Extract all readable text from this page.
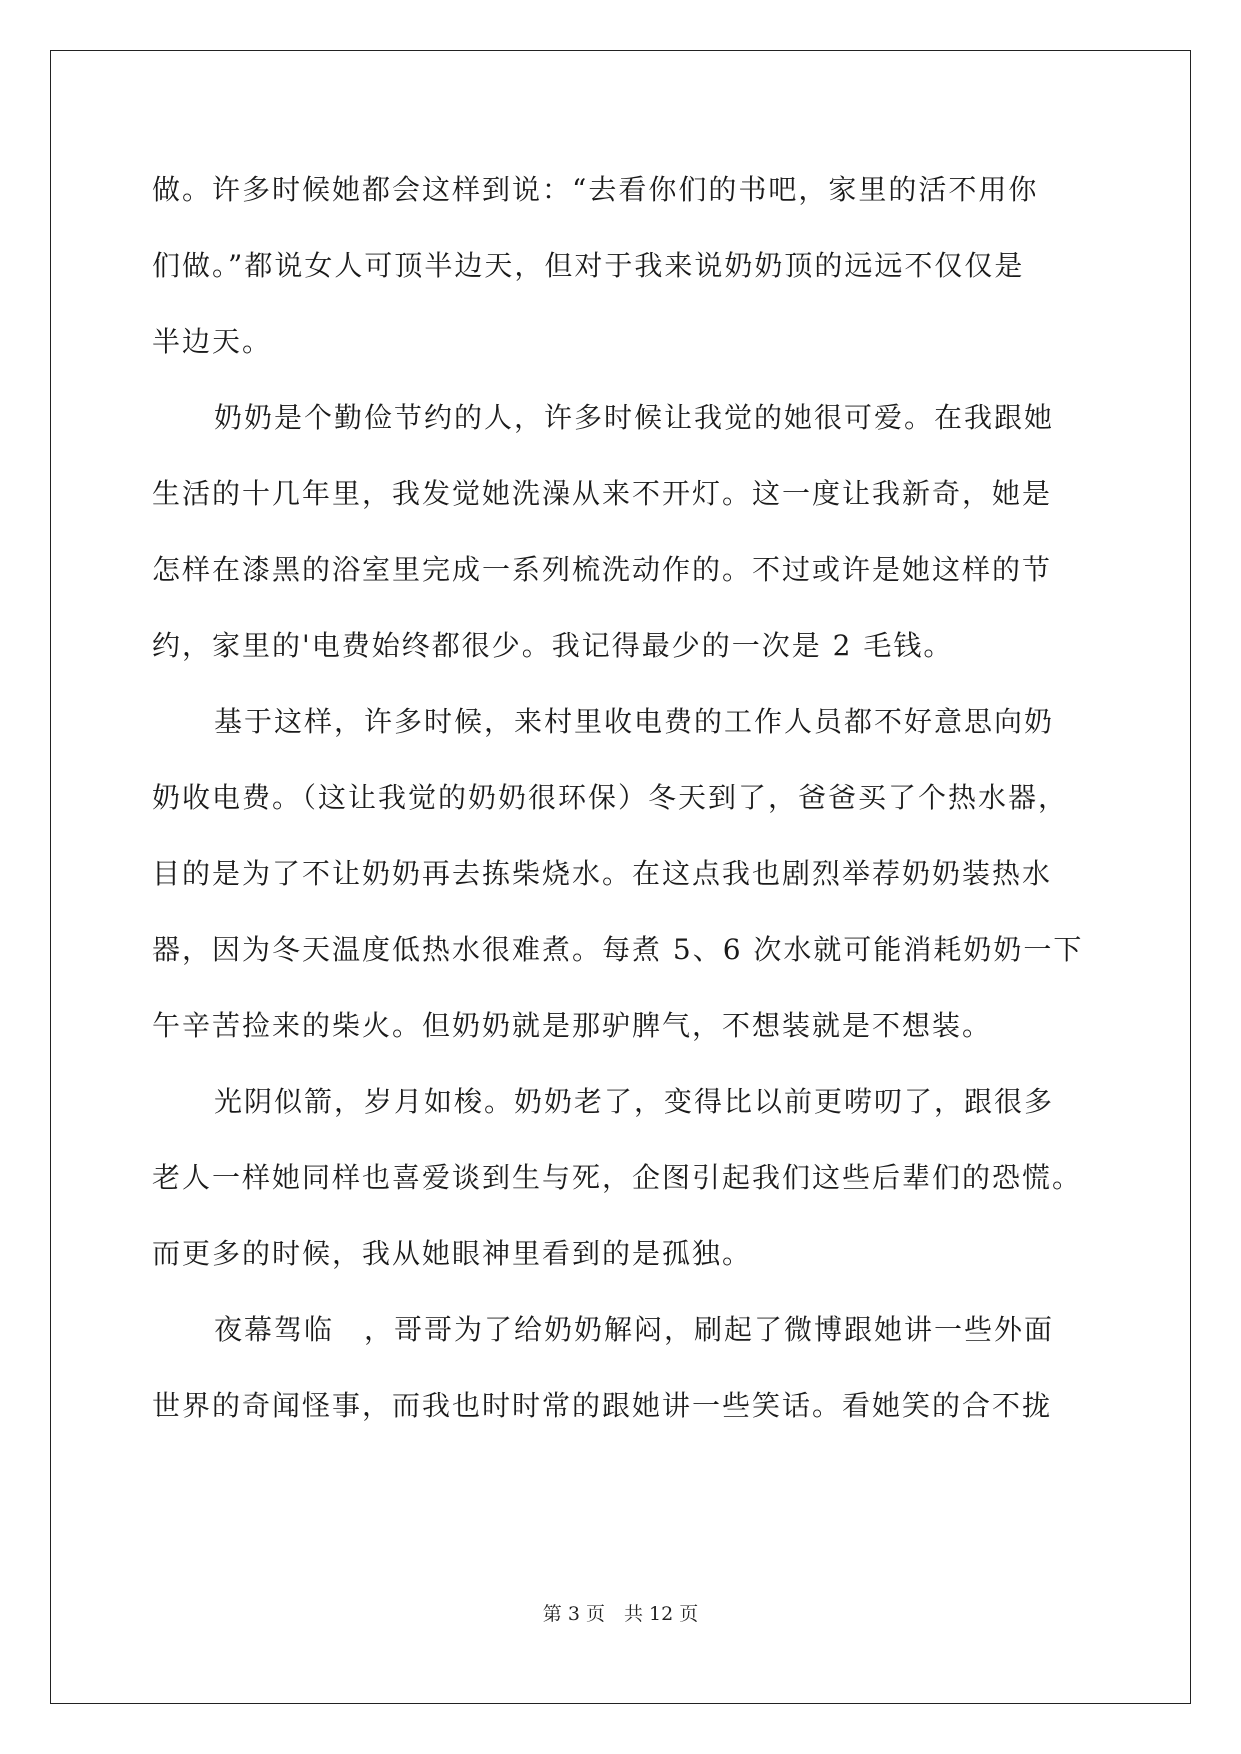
做。许多时候她都会这样到说：“去看你们的书吧，家里的活不用你
们做。”都说女人可顶半边天，但对于我来说奶奶顶的远远不仅仅是
半边天。
奶奶是个勤俭节约的人，许多时候让我觉的她很可爱。在我跟她
生活的十几年里，我发觉她洗澡从来不开灯。这一度让我新奇，她是
怎样在漆黑的浴室里完成一系列梳洗动作的。不过或许是她这样的节
约，家里的'电费始终都很少。我记得最少的一次是 2 毛钱。
基于这样，许多时候，来村里收电费的工作人员都不好意思向奶
奶收电费。（这让我觉的奶奶很环保）冬天到了，爸爸买了个热水器，
目的是为了不让奶奶再去拣柴烧水。在这点我也剧烈举荐奶奶装热水
器，因为冬天温度低热水很难煮。每煮 5、6 次水就可能消耗奶奶一下
午辛苦捡来的柴火。但奶奶就是那驴脾气，不想装就是不想装。
光阴似箭，岁月如梭。奶奶老了，变得比以前更唠叨了，跟很多
老人一样她同样也喜爱谈到生与死，企图引起我们这些后辈们的恐慌。
而更多的时候，我从她眼神里看到的是孤独。
夜幕驾临　，哥哥为了给奶奶解闷，刷起了微博跟她讲一些外面
世界的奇闻怪事，而我也时时常的跟她讲一些笑话。看她笑的合不拢
第 3 页　共 12 页
